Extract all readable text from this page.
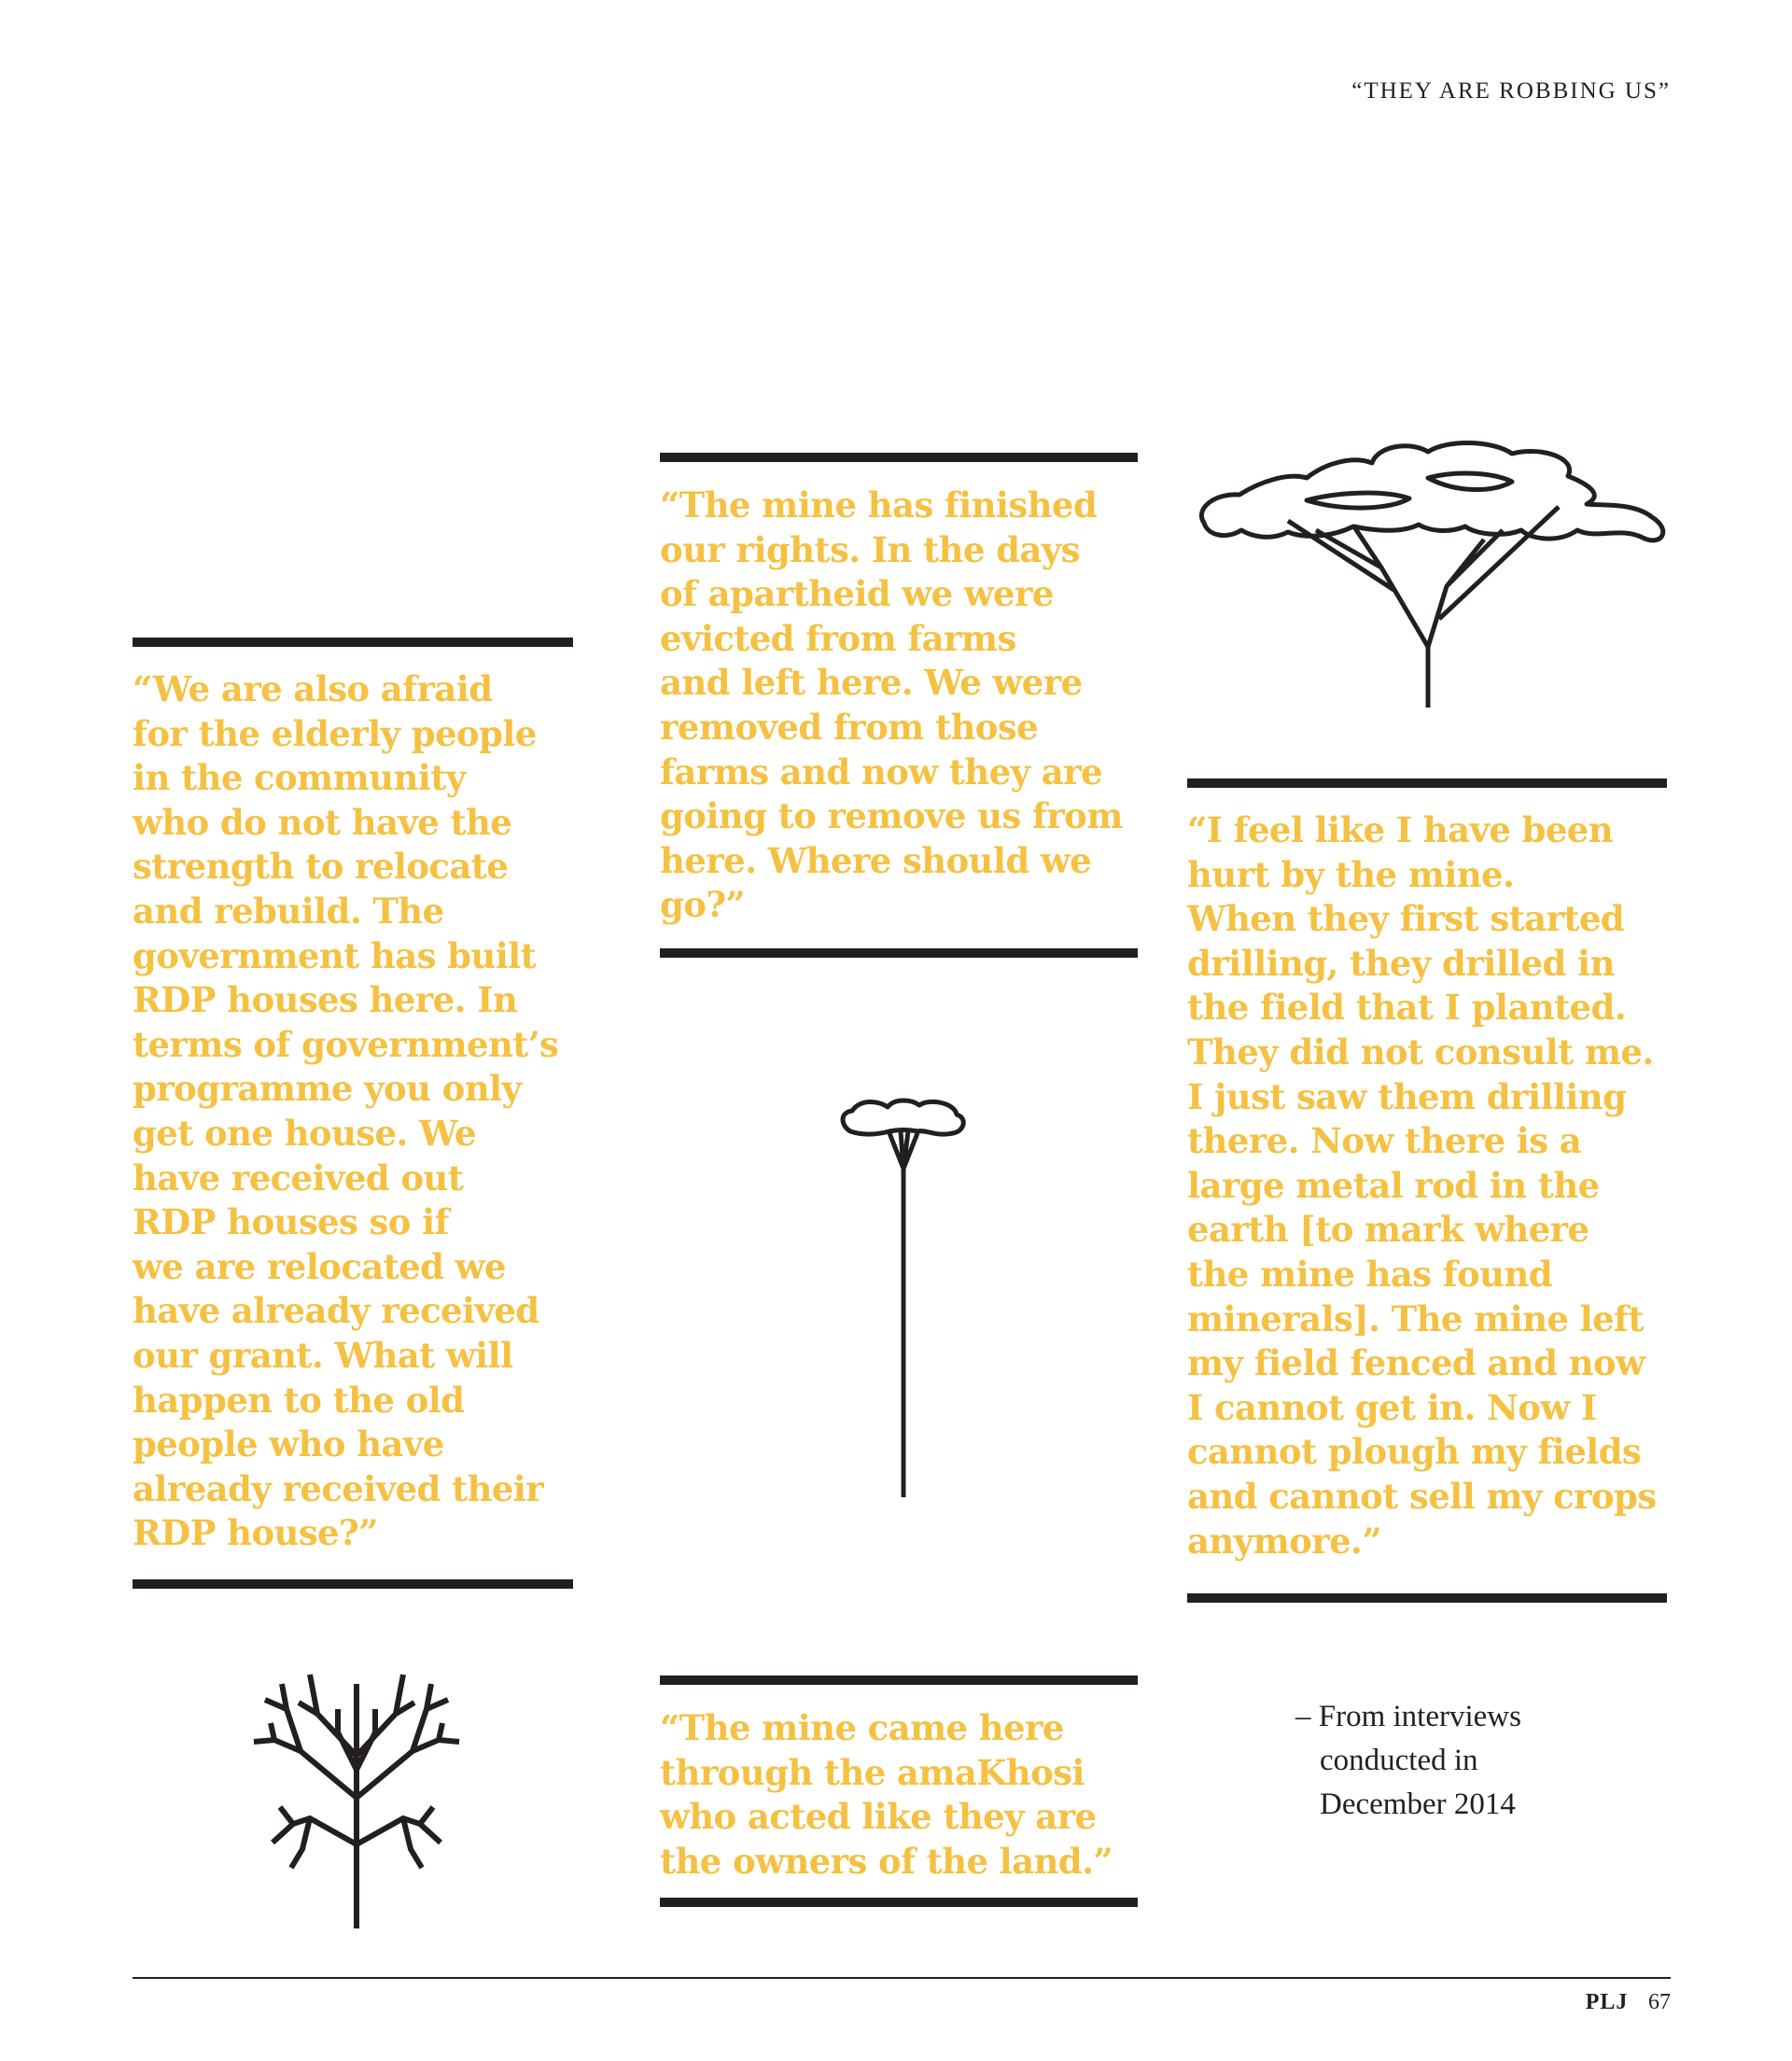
“THEY ARE ROBBING US”

“We are also afraid
for the elderly people
in the community
who do not have the
strength to relocate
and rebuild. The
government has built
RDP houses here. In
terms of government’s
programme you only
get one house. We
have received out
RDP houses so if
we are relocated we
have already received
our grant. What will
happen to the old
people who have
already received their
RDP house?”

“The mine has finished
our rights. In the days
of apartheid we were
evicted from farms
and left here. We were
removed from those
farms and now they are
going to remove us from
here. Where should we
go?”

“The mine came here
through the amaKhosi
who acted like they are
the owners of the land.”

“I feel like I have been
hurt by the mine.
When they first started
drilling, they drilled in
the field that I planted.
They did not consult me.
I just saw them drilling
there. Now there is a
large metal rod in the
earth [to mark where
the mine has found
minerals]. The mine left
my field fenced and now
I cannot get in. Now I
cannot plough my fields
and cannot sell my crops
anymore.”

– From interviews
conducted in
December 2014
PLJ 67
